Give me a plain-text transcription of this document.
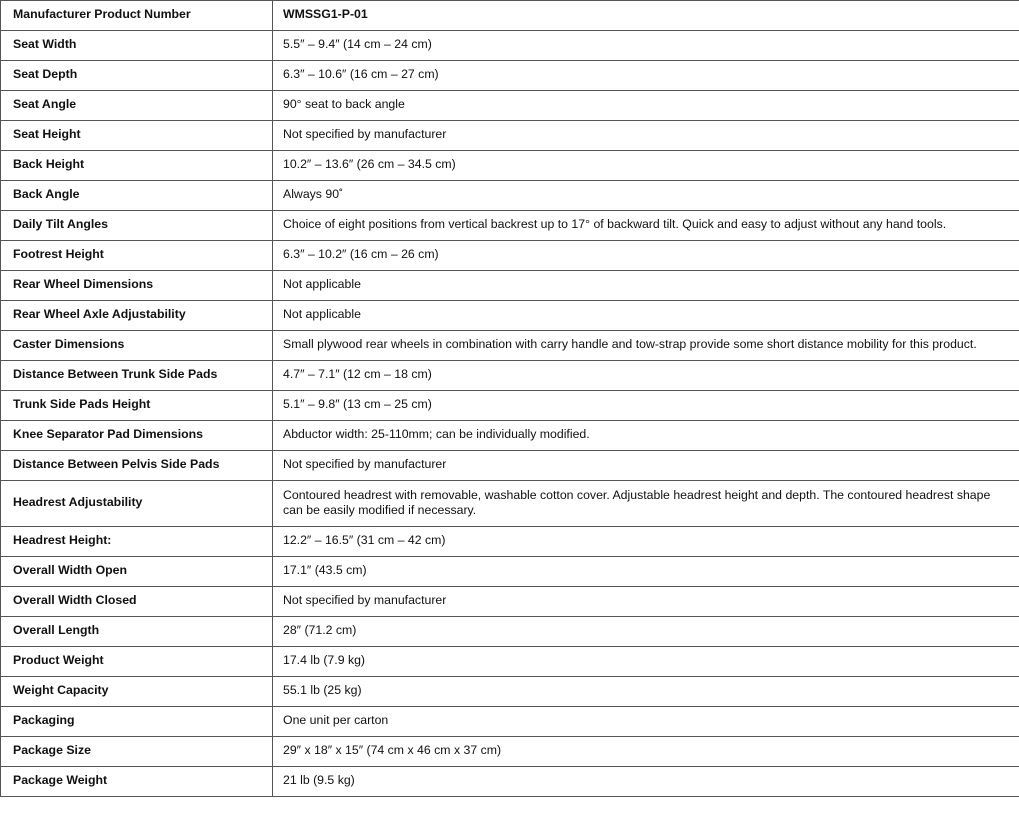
Manufacturer Product Number	WMSSG1-P-01
Seat Width	5.5″ – 9.4″ (14 cm – 24 cm)
Seat Depth	6.3″ – 10.6″ (16 cm – 27 cm)
Seat Angle	90° seat to back angle
Seat Height	Not specified by manufacturer
Back Height	10.2″ – 13.6″ (26 cm – 34.5 cm)
Back Angle	Always 90˚
Daily Tilt Angles	Choice of eight positions from vertical backrest up to 17° of backward tilt. Quick and easy to adjust without any hand tools.
Footrest Height	6.3″ – 10.2″ (16 cm – 26 cm)
Rear Wheel Dimensions	Not applicable
Rear Wheel Axle Adjustability	Not applicable
Caster Dimensions	Small plywood rear wheels in combination with carry handle and tow-strap provide some short distance mobility for this product.
Distance Between Trunk Side Pads	4.7″ – 7.1″ (12 cm – 18 cm)
Trunk Side Pads Height	5.1″ – 9.8″ (13 cm – 25 cm)
Knee Separator Pad Dimensions	Abductor width: 25-110mm; can be individually modified.
Distance Between Pelvis Side Pads	Not specified by manufacturer
Headrest Adjustability	Contoured headrest with removable, washable cotton cover. Adjustable headrest height and depth. The contoured headrest shape can be easily modified if necessary.
Headrest Height:	12.2″ – 16.5″ (31 cm – 42 cm)
Overall Width Open	17.1″ (43.5 cm)
Overall Width Closed	Not specified by manufacturer
Overall Length	28″ (71.2 cm)
Product Weight	17.4 lb (7.9 kg)
Weight Capacity	55.1 lb (25 kg)
Packaging	One unit per carton
Package Size	29″ x 18″ x 15″ (74 cm x 46 cm x 37 cm)
Package Weight	21 lb (9.5 kg)
